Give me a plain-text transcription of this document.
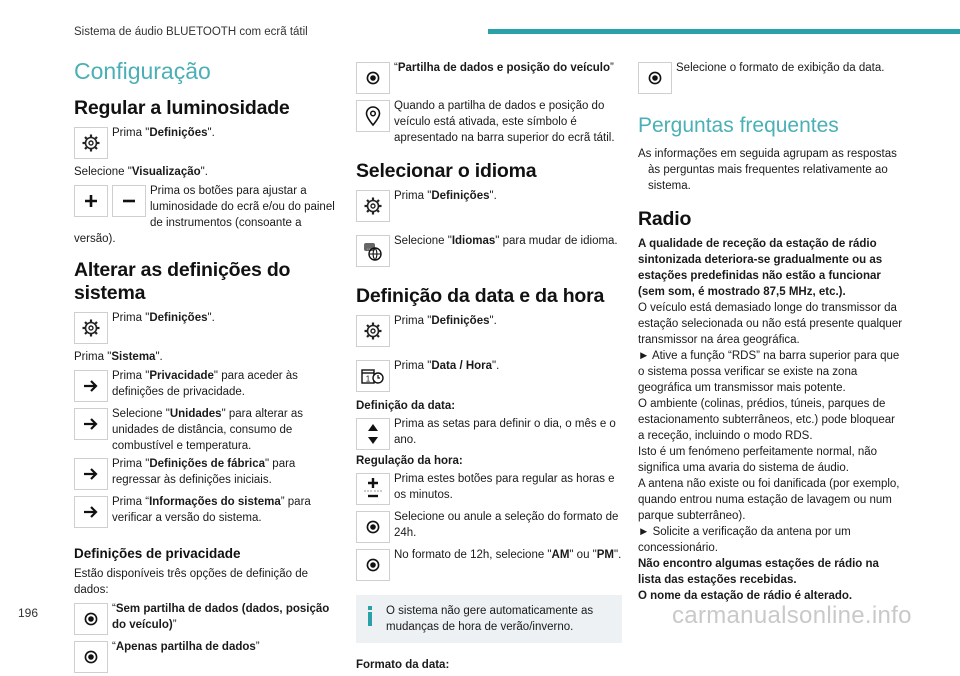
Sistema de áudio BLUETOOTH com ecrã tátil
Configuração
Regular a luminosidade
Prima "Definições".

Selecione "Visualização".

Prima os botões para ajustar a luminosidade do ecrã e/ou do painel de instrumentos (consoante a versão).
Alterar as definições do sistema
Prima "Definições".

Prima "Sistema".

Prima "Privacidade" para aceder às definições de privacidade.
Selecione "Unidades" para alterar as unidades de distância, consumo de combustível e temperatura.
Prima "Definições de fábrica" para regressar às definições iniciais.
Prima “Informações do sistema” para verificar a versão do sistema.
Definições de privacidade

Estão disponíveis três opções de definição de dados:

“Sem partilha de dados (dados, posição do veículo)”
“Apenas partilha de dados”
“Partilha de dados e posição do veículo”
Quando a partilha de dados e posição do veículo está ativada, este símbolo é apresentado na barra superior do ecrã tátil.
Selecionar o idioma
Prima "Definições".
...
Selecione "Idiomas" para mudar de idioma.
Definição da data e da hora
Prima "Definições".
1
Prima "Data / Hora".

Definição da data:

Prima as setas para definir o dia, o mês e o ano.

Regulação da hora:

Prima estes botões para regular as horas e os minutos.
Selecione ou anule a seleção do formato de 24h.
No formato de 12h, selecione "AM" ou "PM".
O sistema não gere automaticamente as mudanças de hora de verão/inverno.

Formato da data:

Selecione o formato de exibição da data.
Perguntas frequentes

As informações em seguida agrupam as respostas às perguntas mais frequentes relativamente ao sistema.

Radio

A qualidade de receção da estação de rádio sintonizada deteriora-se gradualmente ou as estações predefinidas não estão a funcionar (sem som, é mostrado 87,5 MHz, etc.).

O veículo está demasiado longe do transmissor da estação selecionada ou não está presente qualquer transmissor na área geográfica.

► Ative a função “RDS” na barra superior para que o sistema possa verificar se existe na zona geográfica um transmissor mais potente.

O ambiente (colinas, prédios, túneis, parques de estacionamento subterrâneos, etc.) pode bloquear a receção, incluindo o modo RDS.

Isto é um fenómeno perfeitamente normal, não significa uma avaria do sistema de áudio.

A antena não existe ou foi danificada (por exemplo, quando entrou numa estação de lavagem ou num parque subterrâneo).

► Solicite a verificação da antena por um concessionário.

Não encontro algumas estações de rádio na lista das estações recebidas.

O nome da estação de rádio é alterado.

196	carmanualsonline.info
